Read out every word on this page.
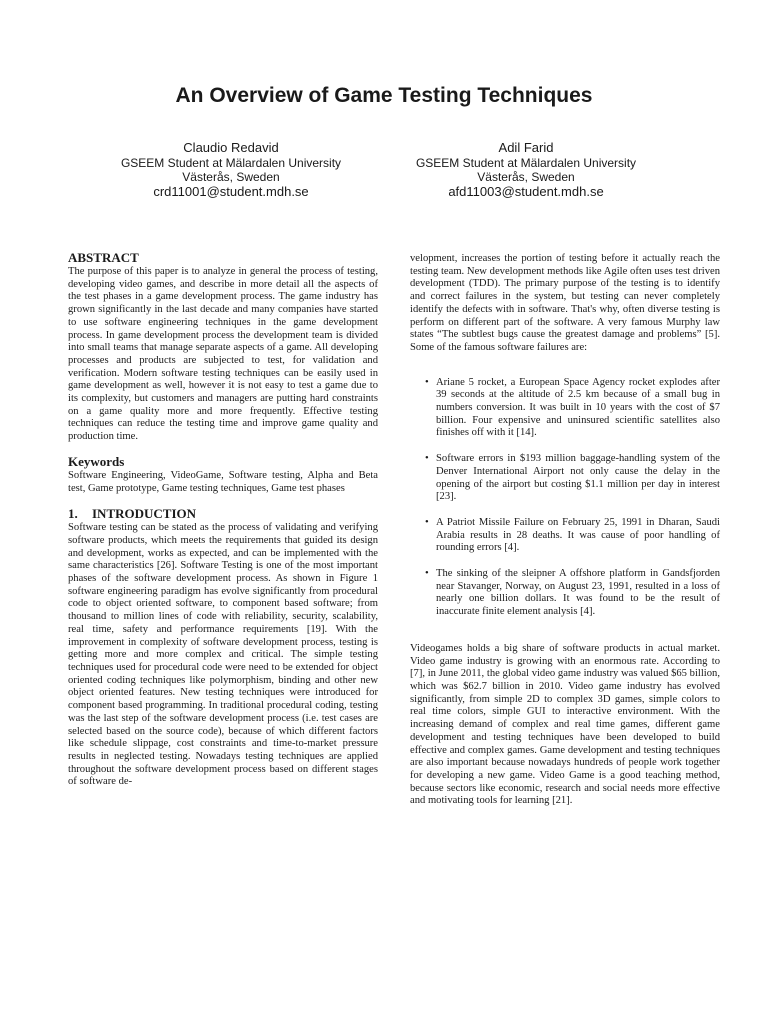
An Overview of Game Testing Techniques
Claudio Redavid
GSEEM Student at Mälardalen University
Västerås, Sweden
crd11001@student.mdh.se
Adil Farid
GSEEM Student at Mälardalen University
Västerås, Sweden
afd11003@student.mdh.se
ABSTRACT

The purpose of this paper is to analyze in general the process of testing, developing video games, and describe in more detail all the aspects of the test phases in a game development process. The game industry has grown significantly in the last decade and many companies have started to use software engineering techniques in the game development process. In game development process the development team is divided into small teams that manage separate aspects of a game. All developing processes and products are subjected to test, for validation and verification. Modern software testing techniques can be easily used in game development as well, however it is not easy to test a game due to its complexity, but customers and managers are putting hard constraints on a game quality more and more frequently. Effective testing techniques can reduce the testing time and improve game quality and production time.

Keywords

Software Engineering, VideoGame, Software testing, Alpha and Beta test, Game prototype, Game testing techniques, Game test phases

1. INTRODUCTION

Software testing can be stated as the process of validating and verifying software products, which meets the requirements that guided its design and development, works as expected, and can be implemented with the same characteristics [26]. Software Testing is one of the most important phases of the software development process. As shown in Figure 1 software engineering paradigm has evolve significantly from procedural code to object oriented software, to component based software; from thousand to million lines of code with reliability, security, scalability, real time, safety and performance requirements [19]. With the improvement in complexity of software development process, testing is getting more and more complex and critical. The simple testing techniques used for procedural code were need to be extended for object oriented coding techniques like polymorphism, binding and other new object oriented features. New testing techniques were introduced for component based programming. In traditional procedural coding, testing was the last step of the software development process (i.e. test cases are selected based on the source code), because of which different factors like schedule slippage, cost constraints and time-to-market pressure results in neglected testing. Nowadays testing techniques are applied throughout the software development process based on different stages of software de-

velopment, increases the portion of testing before it actually reach the testing team. New development methods like Agile often uses test driven development (TDD). The primary purpose of the testing is to identify and correct failures in the system, but testing can never completely identify the defects with in software. That's why, often diverse testing is perform on different part of the software. A very famous Murphy law states “The subtlest bugs cause the greatest damage and problems” [5]. Some of the famous software failures are:

• Ariane 5 rocket, a European Space Agency rocket explodes after 39 seconds at the altitude of 2.5 km because of a small bug in numbers conversion. It was built in 10 years with the cost of $7 billion. Four expensive and uninsured scientific satellites also finishes off with it [14].
• Software errors in $193 million baggage-handling system of the Denver International Airport not only cause the delay in the opening of the airport but costing $1.1 million per day in interest [23].
• A Patriot Missile Failure on February 25, 1991 in Dharan, Saudi Arabia results in 28 deaths. It was cause of poor handling of rounding errors [4].
• The sinking of the sleipner A offshore platform in Gandsfjorden near Stavanger, Norway, on August 23, 1991, resulted in a loss of nearly one billion dollars. It was found to be the result of inaccurate finite element analysis [4].

Videogames holds a big share of software products in actual market. Video game industry is growing with an enormous rate. According to [7], in June 2011, the global video game industry was valued $65 billion, which was $62.7 billion in 2010. Video game industry has evolved significantly, from simple 2D to complex 3D games, simple colors to real time colors, simple GUI to interactive environment. With the increasing demand of complex and real time games, different game development and testing techniques have been developed to build effective and complex games. Game development and testing techniques are also important because nowadays hundreds of people work together for developing a new game. Video Game is a good teaching method, because sectors like economic, research and social needs more effective and motivating tools for learning [21].
